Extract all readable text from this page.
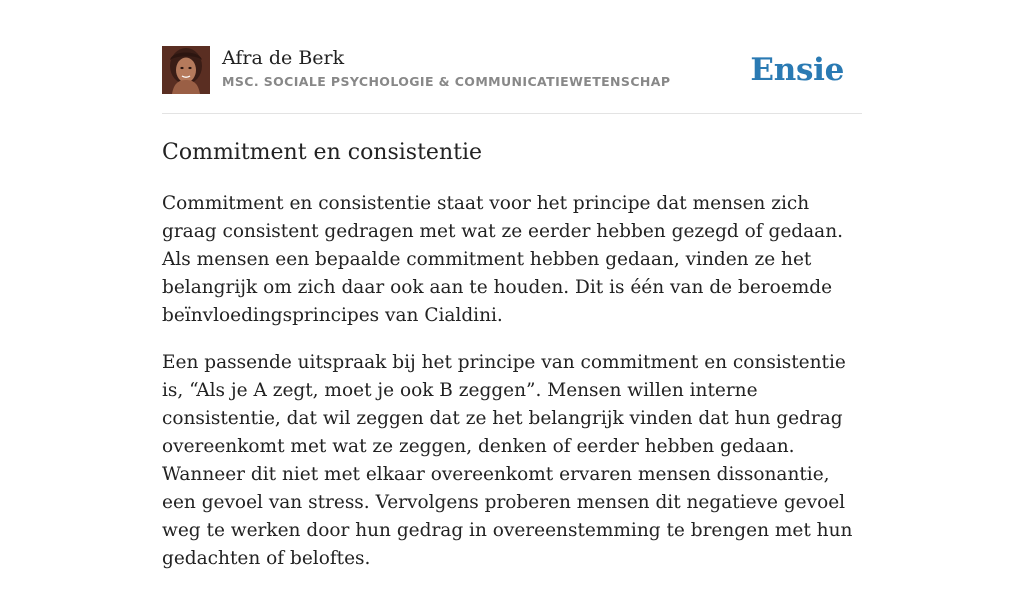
Afra de Berk
MSC. SOCIALE PSYCHOLOGIE & COMMUNICATIEWETENSCHAP	Ensie
Commitment en consistentie

Commitment en consistentie staat voor het principe dat mensen zich graag consistent gedragen met wat ze eerder hebben gezegd of gedaan. Als mensen een bepaalde commitment hebben gedaan, vinden ze het belangrijk om zich daar ook aan te houden. Dit is één van de beroemde beïnvloedingsprincipes van Cialdini.

Een passende uitspraak bij het principe van commitment en consistentie is, “Als je A zegt, moet je ook B zeggen”. Mensen willen interne consistentie, dat wil zeggen dat ze het belangrijk vinden dat hun gedrag overeenkomt met wat ze zeggen, denken of eerder hebben gedaan. Wanneer dit niet met elkaar overeenkomt ervaren mensen dissonantie, een gevoel van stress. Vervolgens proberen mensen dit negatieve gevoel weg te werken door hun gedrag in overeenstemming te brengen met hun gedachten of beloftes.
